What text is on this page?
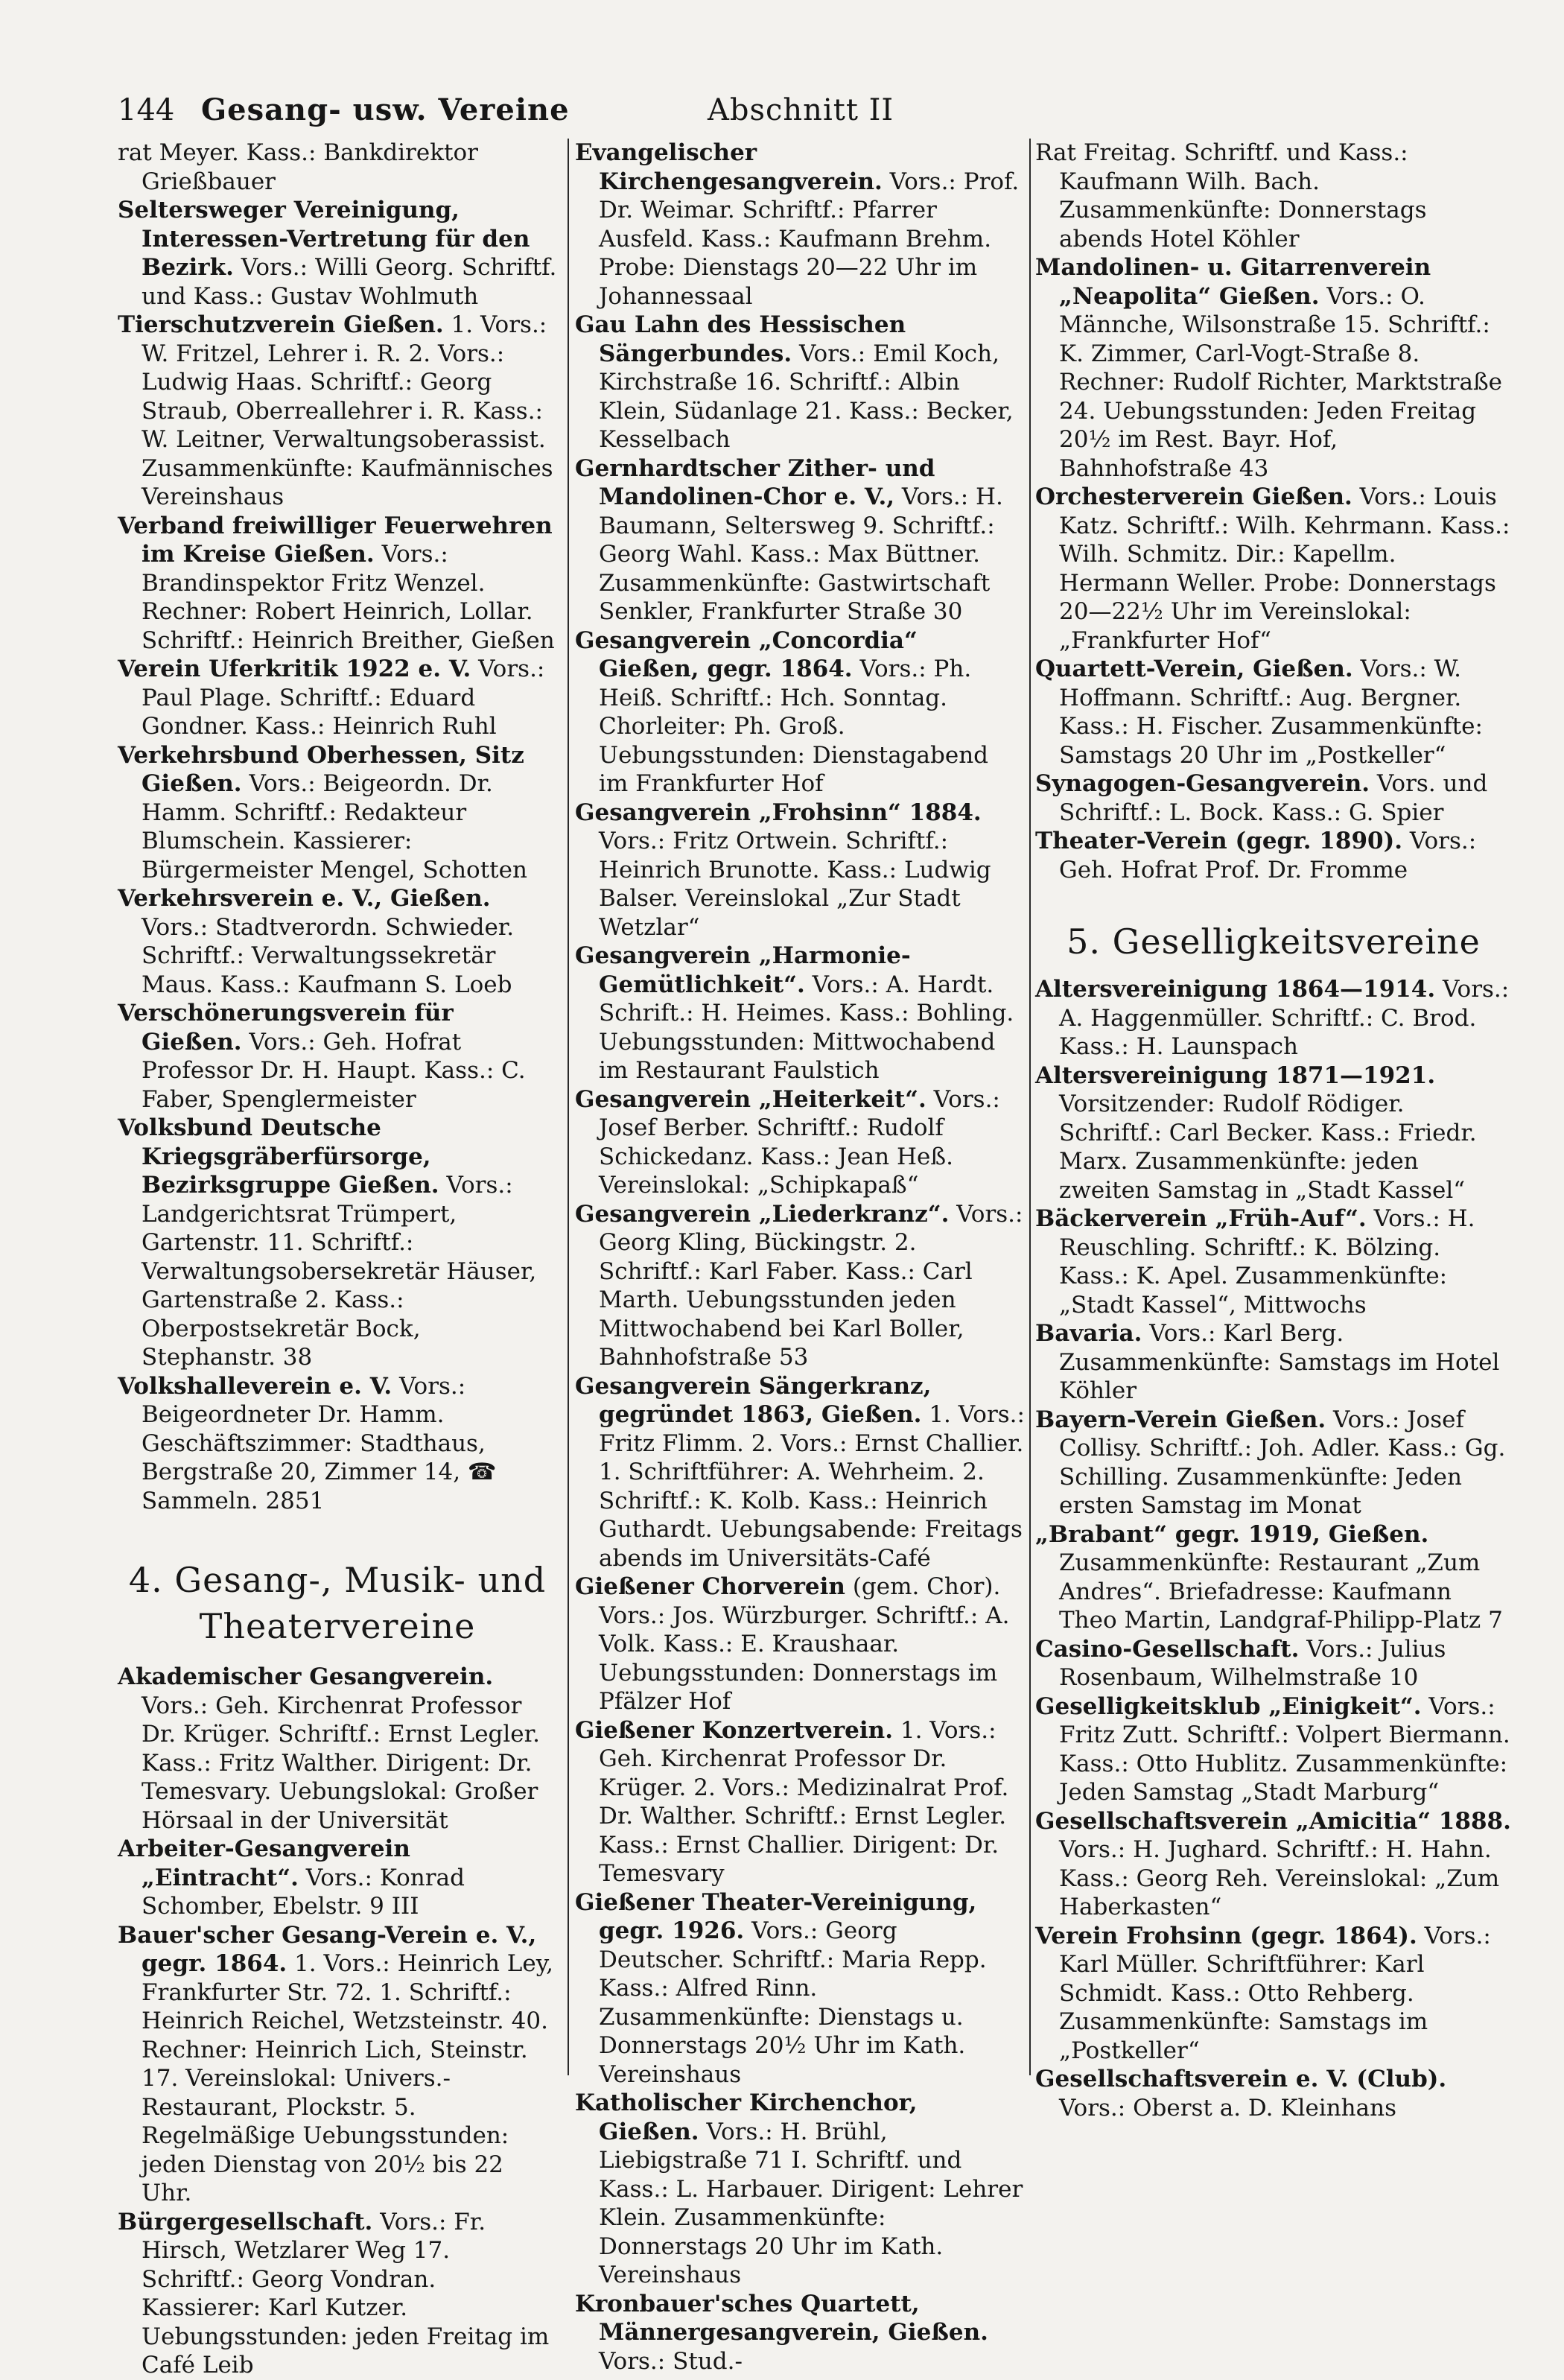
144 Gesang- usw. Vereine	Abschnitt II

rat Meyer. Kass.: Bankdirektor Grießbauer

Seltersweger Vereinigung, Interessen-Vertretung für den Bezirk. Vors.: Willi Georg. Schriftf. und Kass.: Gustav Wohlmuth

Tierschutzverein Gießen. 1. Vors.: W. Fritzel, Lehrer i. R. 2. Vors.: Ludwig Haas. Schriftf.: Georg Straub, Oberreallehrer i. R. Kass.: W. Leitner, Verwaltungsoberassist. Zusammenkünfte: Kaufmännisches Vereinshaus

Verband freiwilliger Feuerwehren im Kreise Gießen. Vors.: Brandinspektor Fritz Wenzel. Rechner: Robert Heinrich, Lollar. Schriftf.: Heinrich Breither, Gießen

Verein Uferkritik 1922 e. V. Vors.: Paul Plage. Schriftf.: Eduard Gondner. Kass.: Heinrich Ruhl

Verkehrsbund Oberhessen, Sitz Gießen. Vors.: Beigeordn. Dr. Hamm. Schriftf.: Redakteur Blumschein. Kassierer: Bürgermeister Mengel, Schotten

Verkehrsverein e. V., Gießen. Vors.: Stadtverordn. Schwieder. Schriftf.: Verwaltungssekretär Maus. Kass.: Kaufmann S. Loeb

Verschönerungsverein für Gießen. Vors.: Geh. Hofrat Professor Dr. H. Haupt. Kass.: C. Faber, Spenglermeister

Volksbund Deutsche Kriegsgräberfürsorge, Bezirksgruppe Gießen. Vors.: Landgerichtsrat Trümpert, Gartenstr. 11. Schriftf.: Verwaltungsobersekretär Häuser, Gartenstraße 2. Kass.: Oberpostsekretär Bock, Stephanstr. 38

Volkshalleverein e. V. Vors.: Beigeordneter Dr. Hamm. Geschäftszimmer: Stadthaus, Bergstraße 20, Zimmer 14, ☎ Sammeln. 2851

4. Gesang-, Musik- und
Theatervereine

Akademischer Gesangverein. Vors.: Geh. Kirchenrat Professor Dr. Krüger. Schriftf.: Ernst Legler. Kass.: Fritz Walther. Dirigent: Dr. Temesvary. Uebungslokal: Großer Hörsaal in der Universität

Arbeiter-Gesangverein „Eintracht“. Vors.: Konrad Schomber, Ebelstr. 9 III

Bauer'scher Gesang-Verein e. V., gegr. 1864. 1. Vors.: Heinrich Ley, Frankfurter Str. 72. 1. Schriftf.: Heinrich Reichel, Wetzsteinstr. 40. Rechner: Heinrich Lich, Steinstr. 17. Vereinslokal: Univers.-Restaurant, Plockstr. 5. Regelmäßige Uebungsstunden: jeden Dienstag von 20½ bis 22 Uhr.

Bürgergesellschaft. Vors.: Fr. Hirsch, Wetzlarer Weg 17. Schriftf.: Georg Vondran. Kassierer: Karl Kutzer. Uebungsstunden: jeden Freitag im Café Leib

Evangelischer Kirchengesangverein. Vors.: Prof. Dr. Weimar. Schriftf.: Pfarrer Ausfeld. Kass.: Kaufmann Brehm. Probe: Dienstags 20—22 Uhr im Johannessaal

Gau Lahn des Hessischen Sängerbundes. Vors.: Emil Koch, Kirchstraße 16. Schriftf.: Albin Klein, Südanlage 21. Kass.: Becker, Kesselbach

Gernhardtscher Zither- und Mandolinen-Chor e. V., Vors.: H. Baumann, Seltersweg 9. Schriftf.: Georg Wahl. Kass.: Max Büttner. Zusammenkünfte: Gastwirtschaft Senkler, Frankfurter Straße 30

Gesangverein „Concordia“ Gießen, gegr. 1864. Vors.: Ph. Heiß. Schriftf.: Hch. Sonntag. Chorleiter: Ph. Groß. Uebungsstunden: Dienstagabend im Frankfurter Hof

Gesangverein „Frohsinn“ 1884. Vors.: Fritz Ortwein. Schriftf.: Heinrich Brunotte. Kass.: Ludwig Balser. Vereinslokal „Zur Stadt Wetzlar“

Gesangverein „Harmonie-Gemütlichkeit“. Vors.: A. Hardt. Schrift.: H. Heimes. Kass.: Bohling. Uebungsstunden: Mittwochabend im Restaurant Faulstich

Gesangverein „Heiterkeit“. Vors.: Josef Berber. Schriftf.: Rudolf Schickedanz. Kass.: Jean Heß. Vereinslokal: „Schipkapaß“

Gesangverein „Liederkranz“. Vors.: Georg Kling, Bückingstr. 2. Schriftf.: Karl Faber. Kass.: Carl Marth. Uebungsstunden jeden Mittwochabend bei Karl Boller, Bahnhofstraße 53

Gesangverein Sängerkranz, gegründet 1863, Gießen. 1. Vors.: Fritz Flimm. 2. Vors.: Ernst Challier. 1. Schriftführer: A. Wehrheim. 2. Schriftf.: K. Kolb. Kass.: Heinrich Guthardt. Uebungsabende: Freitags abends im Universitäts-Café

Gießener Chorverein (gem. Chor). Vors.: Jos. Würzburger. Schriftf.: A. Volk. Kass.: E. Kraushaar. Uebungsstunden: Donnerstags im Pfälzer Hof

Gießener Konzertverein. 1. Vors.: Geh. Kirchenrat Professor Dr. Krüger. 2. Vors.: Medizinalrat Prof. Dr. Walther. Schriftf.: Ernst Legler. Kass.: Ernst Challier. Dirigent: Dr. Temesvary

Gießener Theater-Vereinigung, gegr. 1926. Vors.: Georg Deutscher. Schriftf.: Maria Repp. Kass.: Alfred Rinn. Zusammenkünfte: Dienstags u. Donnerstags 20½ Uhr im Kath. Vereinshaus

Katholischer Kirchenchor, Gießen. Vors.: H. Brühl, Liebigstraße 71 I. Schriftf. und Kass.: L. Harbauer. Dirigent: Lehrer Klein. Zusammenkünfte: Donnerstags 20 Uhr im Kath. Vereinshaus

Kronbauer'sches Quartett, Männergesangverein, Gießen. Vors.: Stud.-

Rat Freitag. Schriftf. und Kass.: Kaufmann Wilh. Bach. Zusammenkünfte: Donnerstags abends Hotel Köhler

Mandolinen- u. Gitarrenverein „Neapolita“ Gießen. Vors.: O. Männche, Wilsonstraße 15. Schriftf.: K. Zimmer, Carl-Vogt-Straße 8. Rechner: Rudolf Richter, Marktstraße 24. Uebungsstunden: Jeden Freitag 20½ im Rest. Bayr. Hof, Bahnhofstraße 43

Orchesterverein Gießen. Vors.: Louis Katz. Schriftf.: Wilh. Kehrmann. Kass.: Wilh. Schmitz. Dir.: Kapellm. Hermann Weller. Probe: Donnerstags 20—22½ Uhr im Vereinslokal: „Frankfurter Hof“

Quartett-Verein, Gießen. Vors.: W. Hoffmann. Schriftf.: Aug. Bergner. Kass.: H. Fischer. Zusammenkünfte: Samstags 20 Uhr im „Postkeller“

Synagogen-Gesangverein. Vors. und Schriftf.: L. Bock. Kass.: G. Spier

Theater-Verein (gegr. 1890). Vors.: Geh. Hofrat Prof. Dr. Fromme

5. Geselligkeitsvereine

Altersvereinigung 1864—1914. Vors.: A. Haggenmüller. Schriftf.: C. Brod. Kass.: H. Launspach

Altersvereinigung 1871—1921. Vorsitzender: Rudolf Rödiger. Schriftf.: Carl Becker. Kass.: Friedr. Marx. Zusammenkünfte: jeden zweiten Samstag in „Stadt Kassel“

Bäckerverein „Früh-Auf“. Vors.: H. Reuschling. Schriftf.: K. Bölzing. Kass.: K. Apel. Zusammenkünfte: „Stadt Kassel“, Mittwochs

Bavaria. Vors.: Karl Berg. Zusammenkünfte: Samstags im Hotel Köhler

Bayern-Verein Gießen. Vors.: Josef Collisy. Schriftf.: Joh. Adler. Kass.: Gg. Schilling. Zusammenkünfte: Jeden ersten Samstag im Monat

„Brabant“ gegr. 1919, Gießen. Zusammenkünfte: Restaurant „Zum Andres“. Briefadresse: Kaufmann Theo Martin, Landgraf-Philipp-Platz 7

Casino-Gesellschaft. Vors.: Julius Rosenbaum, Wilhelmstraße 10

Geselligkeitsklub „Einigkeit“. Vors.: Fritz Zutt. Schriftf.: Volpert Biermann. Kass.: Otto Hublitz. Zusammenkünfte: Jeden Samstag „Stadt Marburg“

Gesellschaftsverein „Amicitia“ 1888. Vors.: H. Jughard. Schriftf.: H. Hahn. Kass.: Georg Reh. Vereinslokal: „Zum Haberkasten“

Verein Frohsinn (gegr. 1864). Vors.: Karl Müller. Schriftführer: Karl Schmidt. Kass.: Otto Rehberg. Zusammenkünfte: Samstags im „Postkeller“

Gesellschaftsverein e. V. (Club). Vors.: Oberst a. D. Kleinhans
